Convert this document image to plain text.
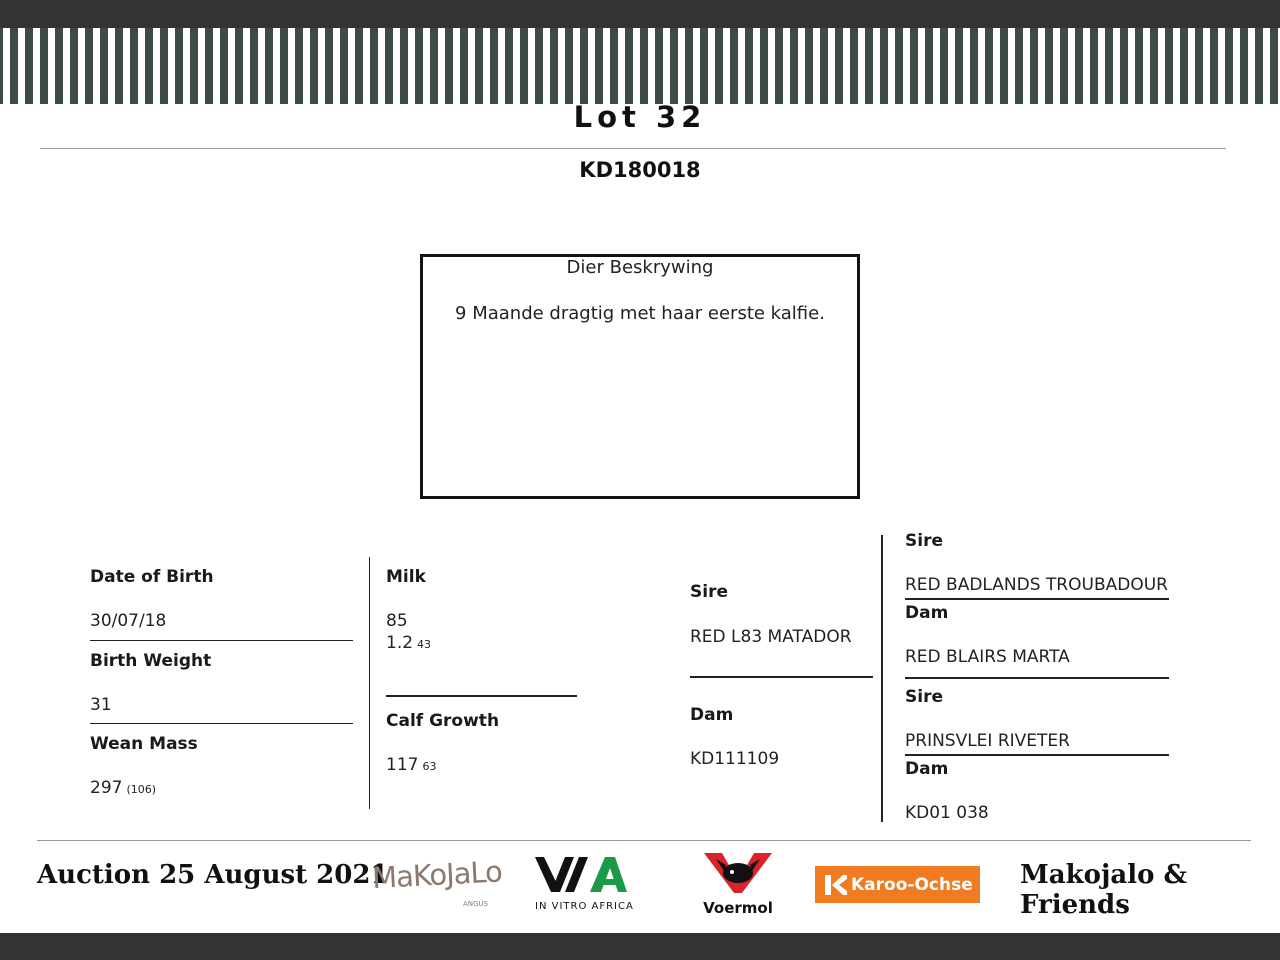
Lot 32
KD180018
Dier Beskrywing
9 Maande dragtig met haar eerste kalfie.
Date of Birth
30/07/18
Birth Weight
31
Wean Mass
297 (106)
Milk
85
1.2 43
Calf Growth
117 63
Sire
RED L83 MATADOR
Dam
KD111109
Sire
RED BADLANDS TROUBADOUR
Dam
RED BLAIRS MARTA
Sire
PRINSVLEI RIVETER
Dam
KD01 038
Auction 25 August 2021	Makojalo & Friends
MaKoJaLo
ANGUS	IN VITRO AFRICA	Voermol
Karoo-Ochse
